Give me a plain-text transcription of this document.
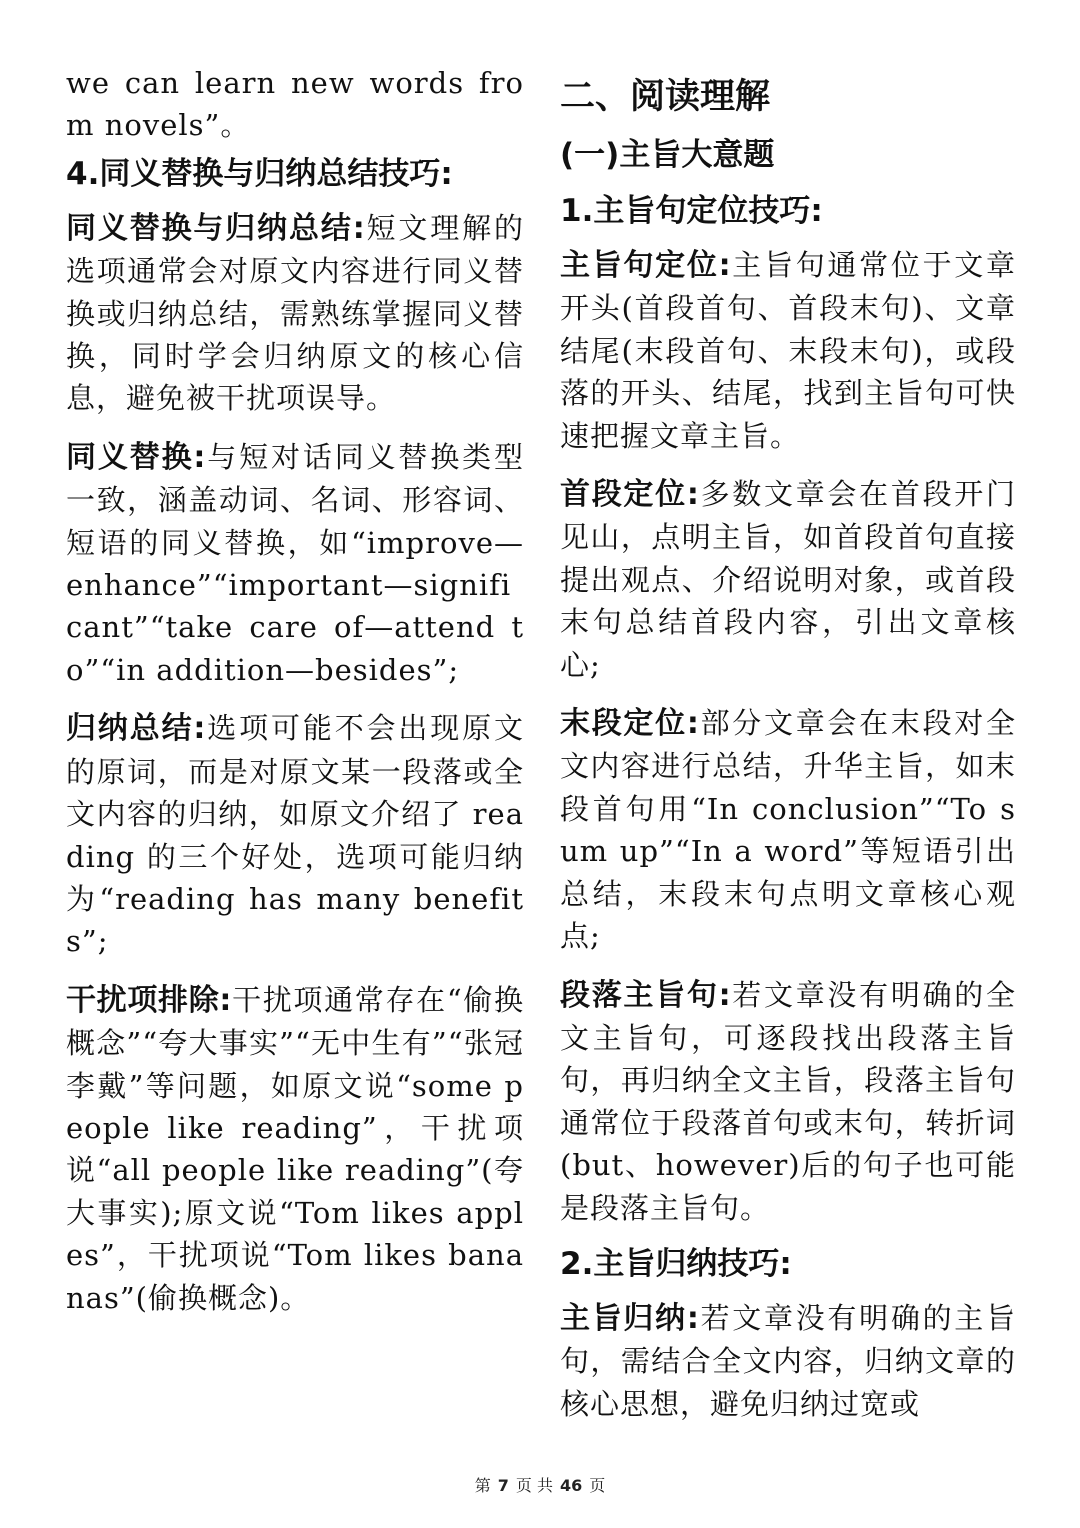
we can learn new words from novels”。

4.同义替换与归纳总结技巧:

同义替换与归纳总结:短文理解的选项通常会对原文内容进行同义替换或归纳总结，需熟练掌握同义替换，同时学会归纳原文的核心信息，避免被干扰项误导。

同义替换:与短对话同义替换类型一致，涵盖动词、名词、形容词、短语的同义替换，如“improve—enhance”“important—significant”“take care of—attend to”“in addition—besides”;

归纳总结:选项可能不会出现原文的原词，而是对原文某一段落或全文内容的归纳，如原文介绍了 reading 的三个好处，选项可能归纳为“reading has many benefits”;

干扰项排除:干扰项通常存在“偷换概念”“夸大事实”“无中生有”“张冠李戴”等问题，如原文说“some people like reading”，干扰项说“all people like reading”(夸大事实);原文说“Tom likes apples”，干扰项说“Tom likes bananas”(偷换概念)。

二、阅读理解
(一)主旨大意题
1.主旨句定位技巧:

主旨句定位:主旨句通常位于文章开头(首段首句、首段末句)、文章结尾(末段首句、末段末句)，或段落的开头、结尾，找到主旨句可快速把握文章主旨。

首段定位:多数文章会在首段开门见山，点明主旨，如首段首句直接提出观点、介绍说明对象，或首段末句总结首段内容，引出文章核心;

末段定位:部分文章会在末段对全文内容进行总结，升华主旨，如末段首句用“In conclusion”“To sum up”“In a word”等短语引出总结，末段末句点明文章核心观点;

段落主旨句:若文章没有明确的全文主旨句，可逐段找出段落主旨句，再归纳全文主旨，段落主旨句通常位于段落首句或末句，转折词(but、however)后的句子也可能是段落主旨句。

2.主旨归纳技巧:

主旨归纳:若文章没有明确的主旨句，需结合全文内容，归纳文章的核心思想，避免归纳过宽或

第 7 页 共 46 页
